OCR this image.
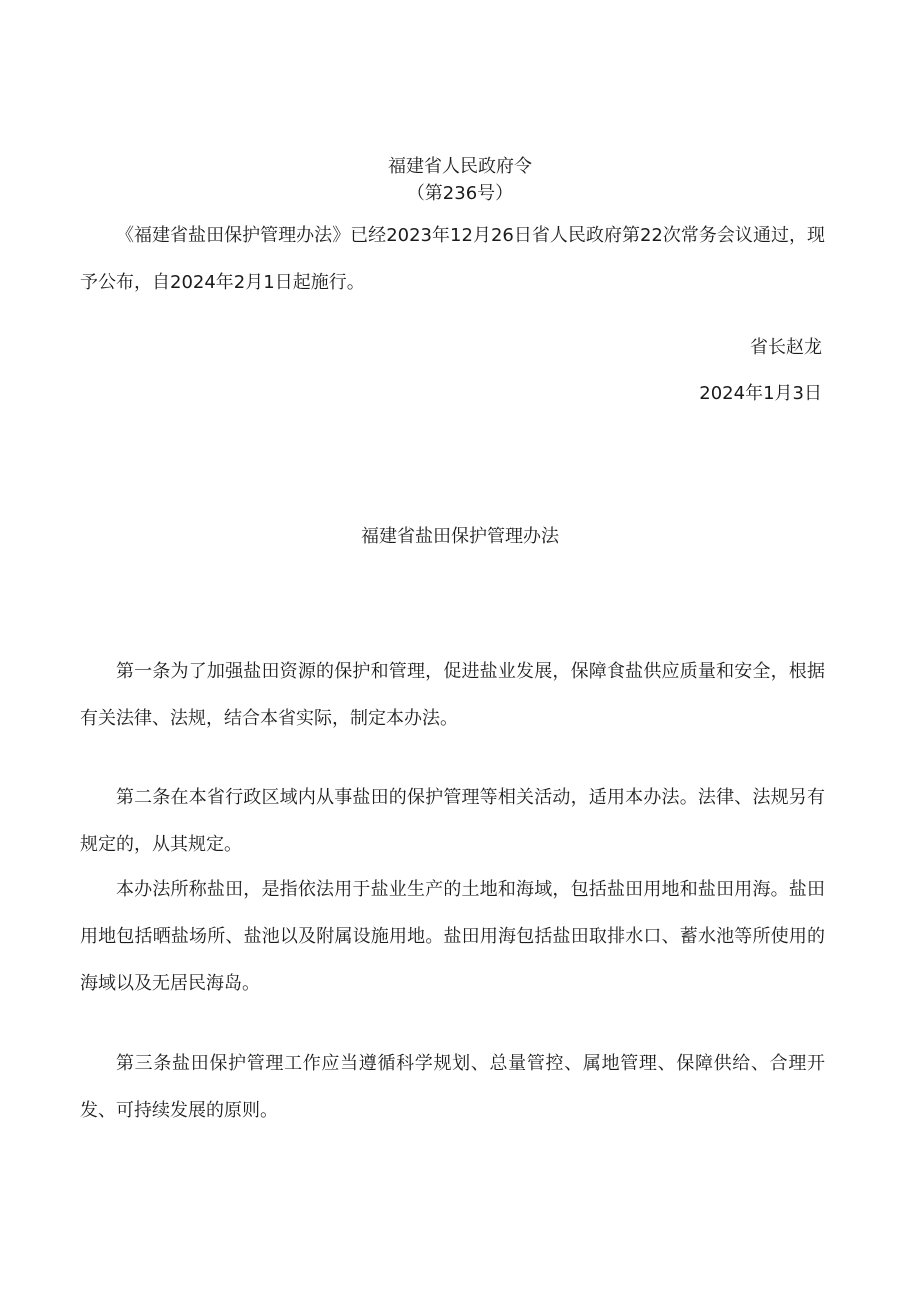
福建省人民政府令
（第236号）

《福建省盐田保护管理办法》已经2023年12月26日省人民政府第22次常务会议通过，现予公布，自2024年2月1日起施行。

省长赵龙
2024年1月3日
福建省盐田保护管理办法

第一条为了加强盐田资源的保护和管理，促进盐业发展，保障食盐供应质量和安全，根据有关法律、法规，结合本省实际，制定本办法。

第二条在本省行政区域内从事盐田的保护管理等相关活动，适用本办法。法律、法规另有规定的，从其规定。

本办法所称盐田，是指依法用于盐业生产的土地和海域，包括盐田用地和盐田用海。盐田用地包括晒盐场所、盐池以及附属设施用地。盐田用海包括盐田取排水口、蓄水池等所使用的海域以及无居民海岛。

第三条盐田保护管理工作应当遵循科学规划、总量管控、属地管理、保障供给、合理开发、可持续发展的原则。
